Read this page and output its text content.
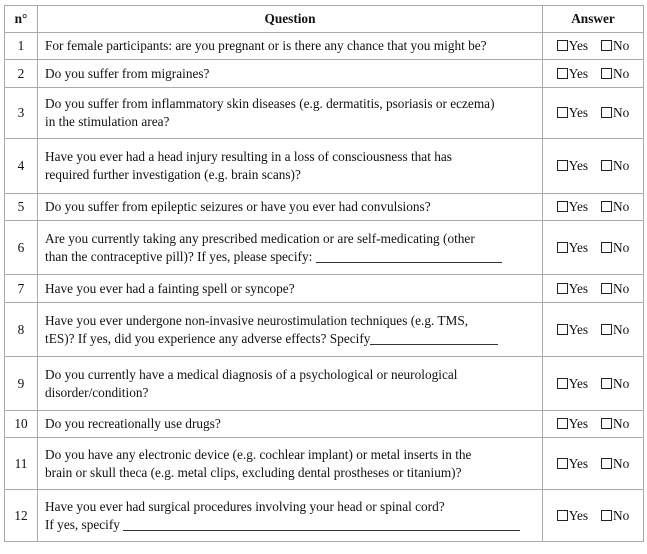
n°	Question	Answer
1	For female participants: are you pregnant or is there any chance that you might be?	Yes No
2	Do you suffer from migraines?	Yes No
3	Do you suffer from inflammatory skin diseases (e.g. dermatitis, psoriasis or eczema)
in the stimulation area?	Yes No
4	Have you ever had a head injury resulting in a loss of consciousness that has
required further investigation (e.g. brain scans)?	Yes No
5	Do you suffer from epileptic seizures or have you ever had convulsions?	Yes No
6	Are you currently taking any prescribed medication or are self-medicating (other
than the contraceptive pill)? If yes, please specify:	Yes No
7	Have you ever had a fainting spell or syncope?	Yes No
8	Have you ever undergone non-invasive neurostimulation techniques (e.g. TMS,
tES)? If yes, did you experience any adverse effects? Specify	Yes No
9	Do you currently have a medical diagnosis of a psychological or neurological
disorder/condition?	Yes No
10	Do you recreationally use drugs?	Yes No
11	Do you have any electronic device (e.g. cochlear implant) or metal inserts in the
brain or skull theca (e.g. metal clips, excluding dental prostheses or titanium)?	Yes No
12	Have you ever had surgical procedures involving your head or spinal cord?
If yes, specify	Yes No
